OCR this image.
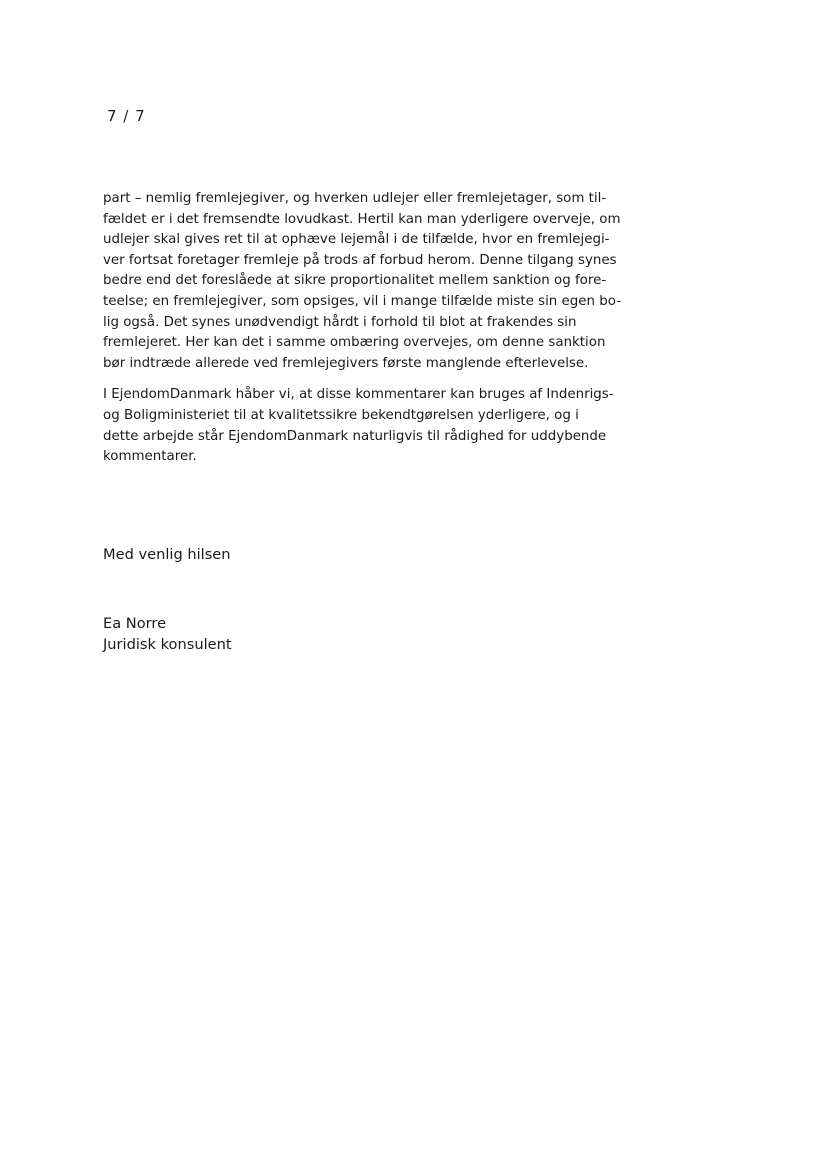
7 / 7
part – nemlig fremlejegiver, og hverken udlejer eller fremlejetager, som til-
fældet er i det fremsendte lovudkast. Hertil kan man yderligere overveje, om
udlejer skal gives ret til at ophæve lejemål i de tilfælde, hvor en fremlejegi-
ver fortsat foretager fremleje på trods af forbud herom. Denne tilgang synes
bedre end det foreslåede at sikre proportionalitet mellem sanktion og fore-
teelse; en fremlejegiver, som opsiges, vil i mange tilfælde miste sin egen bo-
lig også. Det synes unødvendigt hårdt i forhold til blot at frakendes sin
fremlejeret. Her kan det i samme ombæring overvejes, om denne sanktion
bør indtræde allerede ved fremlejegivers første manglende efterlevelse.
I EjendomDanmark håber vi, at disse kommentarer kan bruges af Indenrigs-
og Boligministeriet til at kvalitetssikre bekendtgørelsen yderligere, og i
dette arbejde står EjendomDanmark naturligvis til rådighed for uddybende
kommentarer.
Med venlig hilsen
Ea Norre
Juridisk konsulent
